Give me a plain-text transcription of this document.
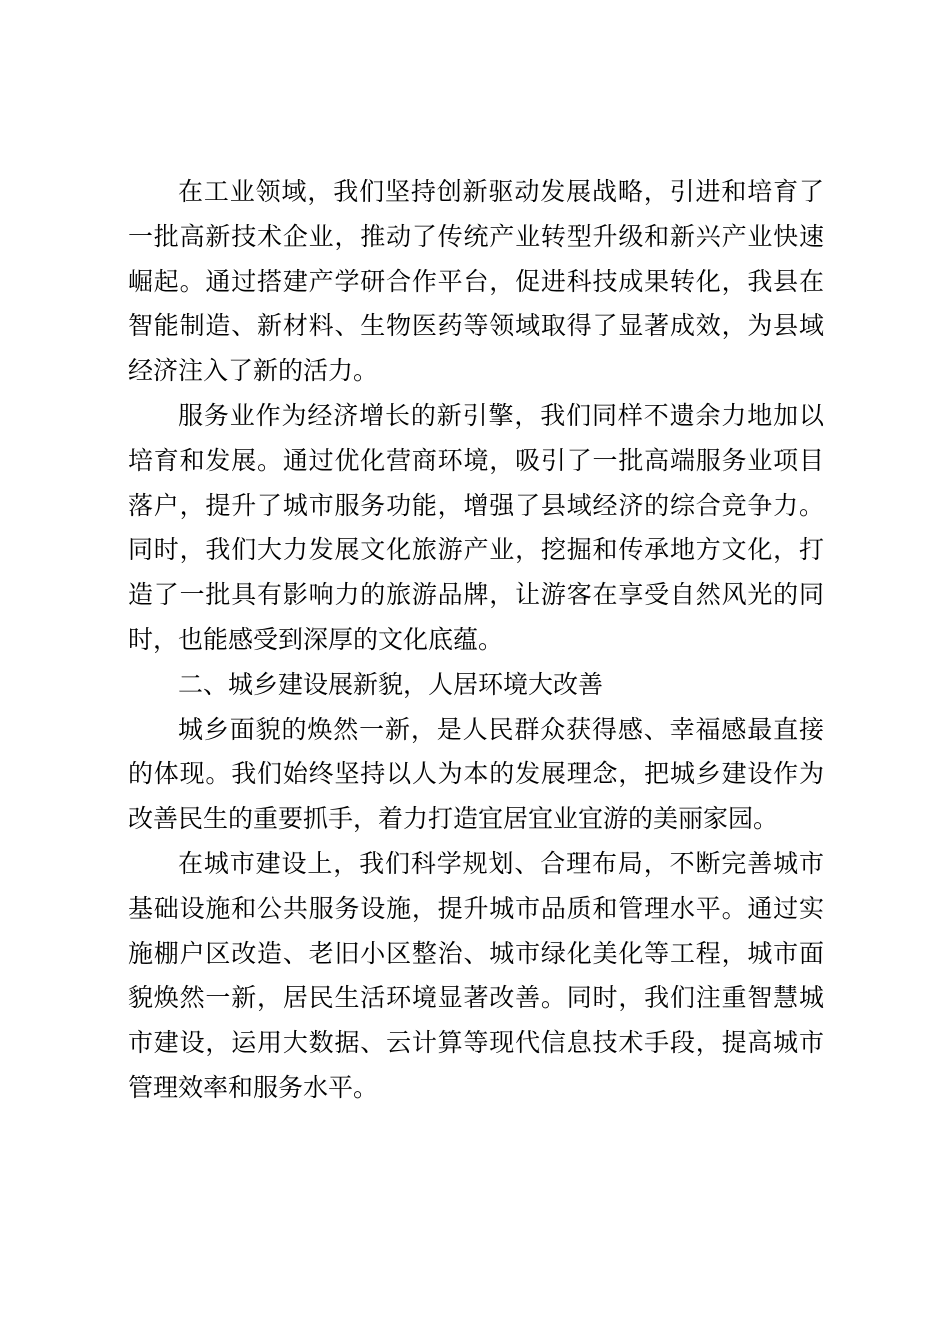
在工业领域，我们坚持创新驱动发展战略，引进和培育了一批高新技术企业，推动了传统产业转型升级和新兴产业快速崛起。通过搭建产学研合作平台，促进科技成果转化，我县在智能制造、新材料、生物医药等领域取得了显著成效，为县域经济注入了新的活力。

服务业作为经济增长的新引擎，我们同样不遗余力地加以培育和发展。通过优化营商环境，吸引了一批高端服务业项目落户，提升了城市服务功能，增强了县域经济的综合竞争力。同时，我们大力发展文化旅游产业，挖掘和传承地方文化，打造了一批具有影响力的旅游品牌，让游客在享受自然风光的同时，也能感受到深厚的文化底蕴。

二、城乡建设展新貌，人居环境大改善

城乡面貌的焕然一新，是人民群众获得感、幸福感最直接的体现。我们始终坚持以人为本的发展理念，把城乡建设作为改善民生的重要抓手，着力打造宜居宜业宜游的美丽家园。

在城市建设上，我们科学规划、合理布局，不断完善城市基础设施和公共服务设施，提升城市品质和管理水平。通过实施棚户区改造、老旧小区整治、城市绿化美化等工程，城市面貌焕然一新，居民生活环境显著改善。同时，我们注重智慧城市建设，运用大数据、云计算等现代信息技术手段，提高城市管理效率和服务水平。
